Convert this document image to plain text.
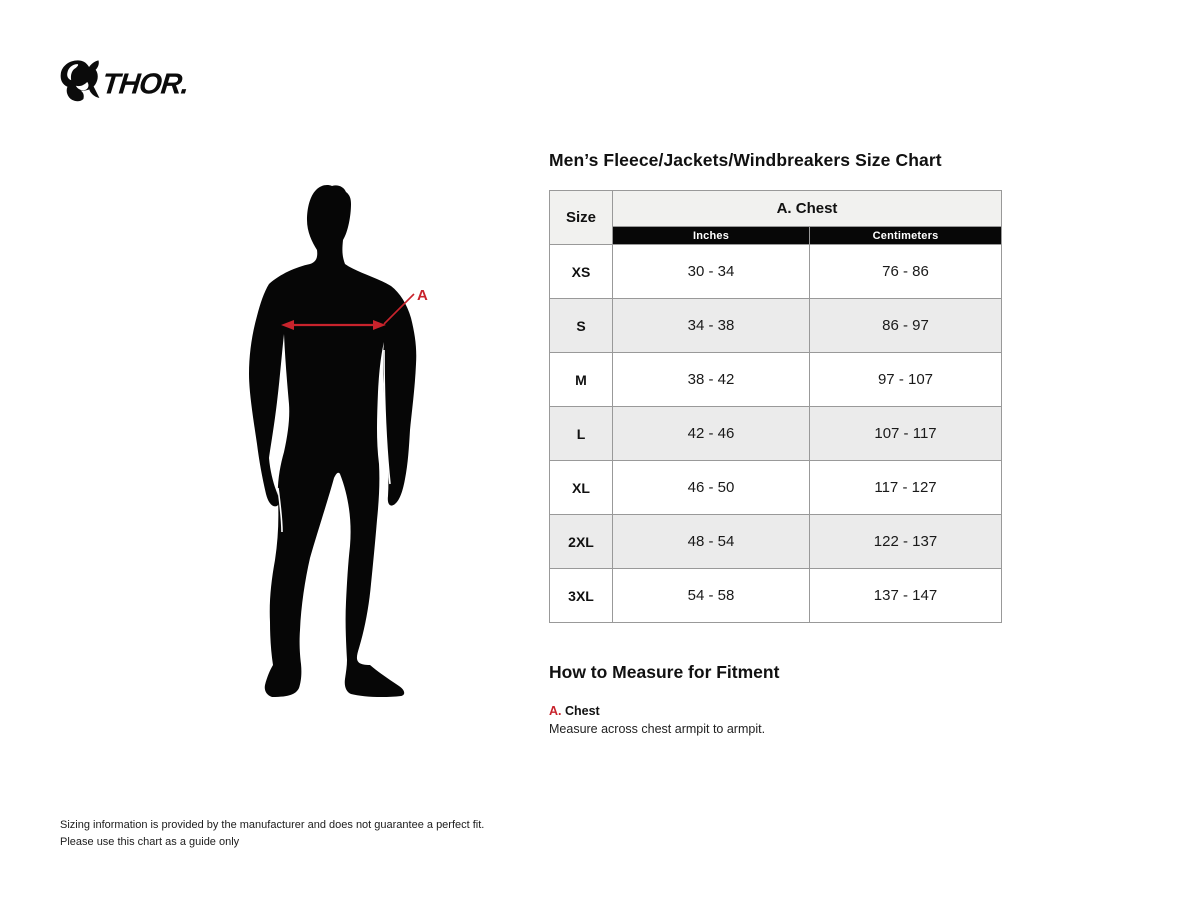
THOR.
A
Men’s Fleece/Jackets/Windbreakers Size Chart
Size	A. Chest	
	Inches	Centimeters
XS	30 - 34	76 - 86
S	34 - 38	86 - 97
M	38 - 42	97 - 107
L	42 - 46	107 - 117
XL	46 - 50	117 - 127
2XL	48 - 54	122 - 137
3XL	54 - 58	137 - 147
How to Measure for Fitment
A. Chest
Measure across chest armpit to armpit.
Sizing information is provided by the manufacturer and does not guarantee a perfect fit.
Please use this chart as a guide only
